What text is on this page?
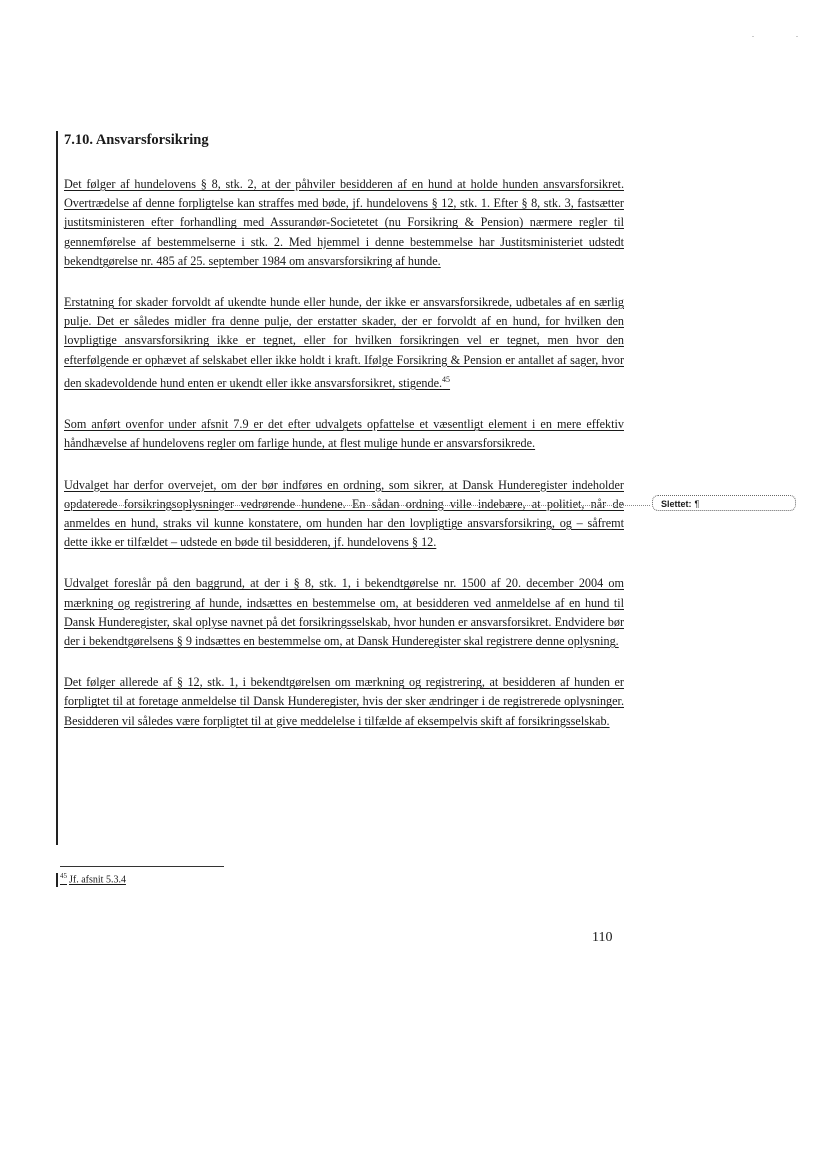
.	.
7.10. Ansvarsforsikring

Det følger af hundelovens § 8, stk. 2, at der påhviler besidderen af en hund at holde hunden ansvarsforsikret. Overtrædelse af denne forpligtelse kan straffes med bøde, jf. hundelovens § 12, stk. 1. Efter § 8, stk. 3, fastsætter justitsministeren efter forhandling med Assurandør-Societetet (nu Forsikring & Pension) nærmere regler til gennemførelse af bestemmelserne i stk. 2. Med hjemmel i denne bestemmelse har Justitsministeriet udstedt bekendtgørelse nr. 485 af 25. september 1984 om ansvarsforsikring af hunde.

Erstatning for skader forvoldt af ukendte hunde eller hunde, der ikke er ansvarsforsikrede, udbetales af en særlig pulje. Det er således midler fra denne pulje, der erstatter skader, der er forvoldt af en hund, for hvilken den lovpligtige ansvarsforsikring ikke er tegnet, eller for hvilken forsikringen vel er tegnet, men hvor den efterfølgende er ophævet af selskabet eller ikke holdt i kraft. Ifølge Forsikring & Pension er antallet af sager, hvor den skadevoldende hund enten er ukendt eller ikke ansvarsforsikret, stigende.$^{45}$

Som anført ovenfor under afsnit 7.9 er det efter udvalgets opfattelse et væsentligt element i en mere effektiv håndhævelse af hundelovens regler om farlige hunde, at flest mulige hunde er ansvarsforsikrede.

Udvalget har derfor overvejet, om der bør indføres en ordning, som sikrer, at Dansk Hunderegister indeholder opdaterede forsikringsoplysninger vedrørende hundene. En sådan ordning ville indebære, at politiet, når de anmeldes en hund, straks vil kunne konstatere, om hunden har den lovpligtige ansvarsforsikring, og – såfremt dette ikke er tilfældet – udstede en bøde til besidderen, jf. hundelovens § 12.

Udvalget foreslår på den baggrund, at der i § 8, stk. 1, i bekendtgørelse nr. 1500 af 20. december 2004 om mærkning og registrering af hunde, indsættes en bestemmelse om, at besidderen ved anmeldelse af en hund til Dansk Hunderegister, skal oplyse navnet på det forsikringsselskab, hvor hunden er ansvarsforsikret. Endvidere bør der i bekendtgørelsens § 9 indsættes en bestemmelse om, at Dansk Hunderegister skal registrere denne oplysning.

Det følger allerede af § 12, stk. 1, i bekendtgørelsen om mærkning og registrering, at besidderen af hunden er forpligtet til at foretage anmeldelse til Dansk Hunderegister, hvis der sker ændringer i de registrerede oplysninger. Besidderen vil således være forpligtet til at give meddelelse i tilfælde af eksempelvis skift af forsikringsselskab.

Slettet: ¶
$^{45}$ Jf. afsnit 5.3.4
110
